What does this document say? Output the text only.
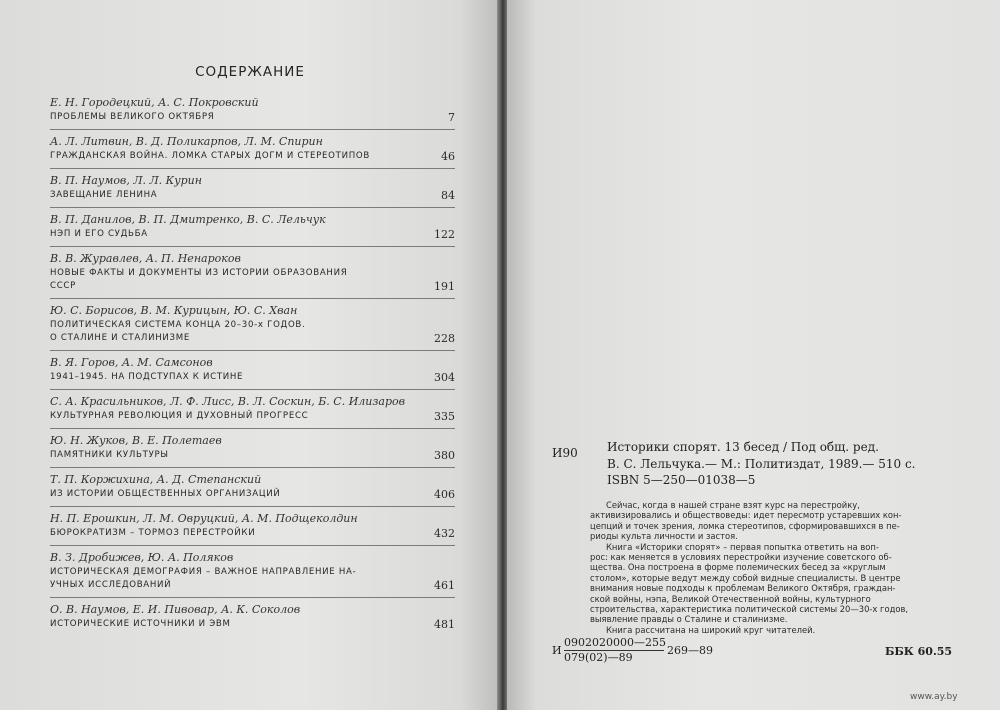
СОДЕРЖАНИЕ
Е. Н. Городецкий, А. С. Покровский
ПРОБЛЕМЫ ВЕЛИКОГО ОКТЯБРЯ	7
А. Л. Литвин, В. Д. Поликарпов, Л. М. Спирин
ГРАЖДАНСКАЯ ВОЙНА. ЛОМКА СТАРЫХ ДОГМ И СТЕРЕОТИПОВ	46
В. П. Наумов, Л. Л. Курин
ЗАВЕЩАНИЕ ЛЕНИНА	84
В. П. Данилов, В. П. Дмитренко, В. С. Лельчук
НЭП И ЕГО СУДЬБА	122
В. В. Журавлев, А. П. Ненароков
НОВЫЕ ФАКТЫ И ДОКУМЕНТЫ ИЗ ИСТОРИИ ОБРАЗОВАНИЯ
СССР	191
Ю. С. Борисов, В. М. Курицын, Ю. С. Хван
ПОЛИТИЧЕСКАЯ СИСТЕМА КОНЦА 20–30-х ГОДОВ.
О СТАЛИНЕ И СТАЛИНИЗМЕ	228
В. Я. Горов, А. М. Самсонов
1941–1945. НА ПОДСТУПАХ К ИСТИНЕ	304
С. А. Красильников, Л. Ф. Лисс, В. Л. Соскин, Б. С. Илизаров
КУЛЬТУРНАЯ РЕВОЛЮЦИЯ И ДУХОВНЫЙ ПРОГРЕСС	335
Ю. Н. Жуков, В. Е. Полетаев
ПАМЯТНИКИ КУЛЬТУРЫ	380
Т. П. Коржихина, А. Д. Степанский
ИЗ ИСТОРИИ ОБЩЕСТВЕННЫХ ОРГАНИЗАЦИЙ	406
Н. П. Ерошкин, Л. М. Овруцкий, А. М. Подщеколдин
БЮРОКРАТИЗМ – ТОРМОЗ ПЕРЕСТРОЙКИ	432
В. З. Дробижев, Ю. А. Поляков
ИСТОРИЧЕСКАЯ ДЕМОГРАФИЯ – ВАЖНОЕ НАПРАВЛЕНИЕ НА-
УЧНЫХ ИССЛЕДОВАНИЙ	461
О. В. Наумов, Е. И. Пивовар, А. К. Соколов
ИСТОРИЧЕСКИЕ ИСТОЧНИКИ И ЭВМ	481
И90 Историки спорят. 13 бесед / Под общ. ред.
В. С. Лельчука.— М.: Политиздат, 1989.— 510 с.
ISBN 5—250—01038—5
Сейчас, когда в нашей стране взят курс на перестройку,
активизировались и обществоведы: идет пересмотр устаревших кон-
цепций и точек зрения, ломка стереотипов, сформировавшихся в пе-
риоды культа личности и застоя.
Книга «Историки спорят» – первая попытка ответить на воп-
рос: как меняется в условиях перестройки изучение советского об-
щества. Она построена в форме полемических бесед за «круглым
столом», которые ведут между собой видные специалисты. В центре
внимания новые подходы к проблемам Великого Октября, граждан-
ской войны, нэпа, Великой Отечественной войны, культурного
строительства, характеристика политической системы 20—30-х годов,
выявление правды о Сталине и сталинизме.
Книга рассчитана на широкий круг читателей.
И
0902020000—255
079(02)—89
269—89	ББК 60.55
www.ay.by
